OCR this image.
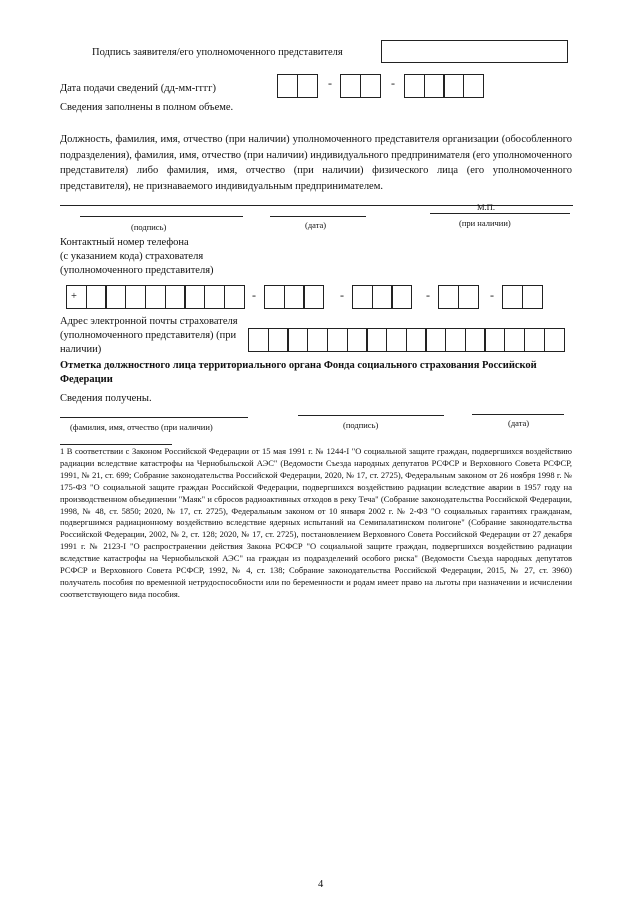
Подпись заявителя/его уполномоченного представителя
Дата подачи сведений (дд-мм-гггг)	-	-
Сведения заполнены в полном объеме.
Должность, фамилия, имя, отчество (при наличии) уполномоченного представителя организации (обособленного подразделения), фамилия, имя, отчество (при наличии) индивидуального предпринимателя (его уполномоченного представителя) либо фамилия, имя, отчество (при наличии) физического лица (его уполномоченного представителя), не признаваемого индивидуальным предпринимателем.
(подпись)	(дата)
М.П.
(при наличии)
Контактный номер телефона
(с указанием кода) страхователя
(уполномоченного представителя)
+	-	-	-	-
Адрес электронной почты страхователя
(уполномоченного представителя) (при
наличии)
Отметка должностного лица территориального органа Фонда социального страхования Российской Федерации
Сведения получены.
(фамилия, имя, отчество (при наличии)	(подпись)	(дата)
1 В соответствии с Законом Российской Федерации от 15 мая 1991 г. № 1244-I "О социальной защите граждан, подвергшихся воздействию радиации вследствие катастрофы на Чернобыльской АЭС" (Ведомости Съезда народных депутатов РСФСР и Верховного Совета РСФСР, 1991, № 21, ст. 699; Собрание законодательства Российской Федерации, 2020, № 17, ст. 2725), Федеральным законом от 26 ноября 1998 г. № 175-ФЗ "О социальной защите граждан Российской Федерации, подвергшихся воздействию радиации вследствие аварии в 1957 году на производственном объединении "Маяк" и сбросов радиоактивных отходов в реку Теча" (Собрание законодательства Российской Федерации, 1998, № 48, ст. 5850; 2020, № 17, ст. 2725), Федеральным законом от 10 января 2002 г. № 2-ФЗ "О социальных гарантиях гражданам, подвергшимся радиационному воздействию вследствие ядерных испытаний на Семипалатинском полигоне" (Собрание законодательства Российской Федерации, 2002, № 2, ст. 128; 2020, № 17, ст. 2725), постановлением Верховного Совета Российской Федерации от 27 декабря 1991 г. № 2123-I "О распространении действия Закона РСФСР "О социальной защите граждан, подвергшихся воздействию радиации вследствие катастрофы на Чернобыльской АЭС" на граждан из подразделений особого риска" (Ведомости Съезда народных депутатов РСФСР и Верховного Совета РСФСР, 1992, № 4, ст. 138; Собрание законодательства Российской Федерации, 2015, № 27, ст. 3960) получатель пособия по временной нетрудоспособности или по беременности и родам имеет право на льготы при назначении и исчислении соответствующего вида пособия.
4
